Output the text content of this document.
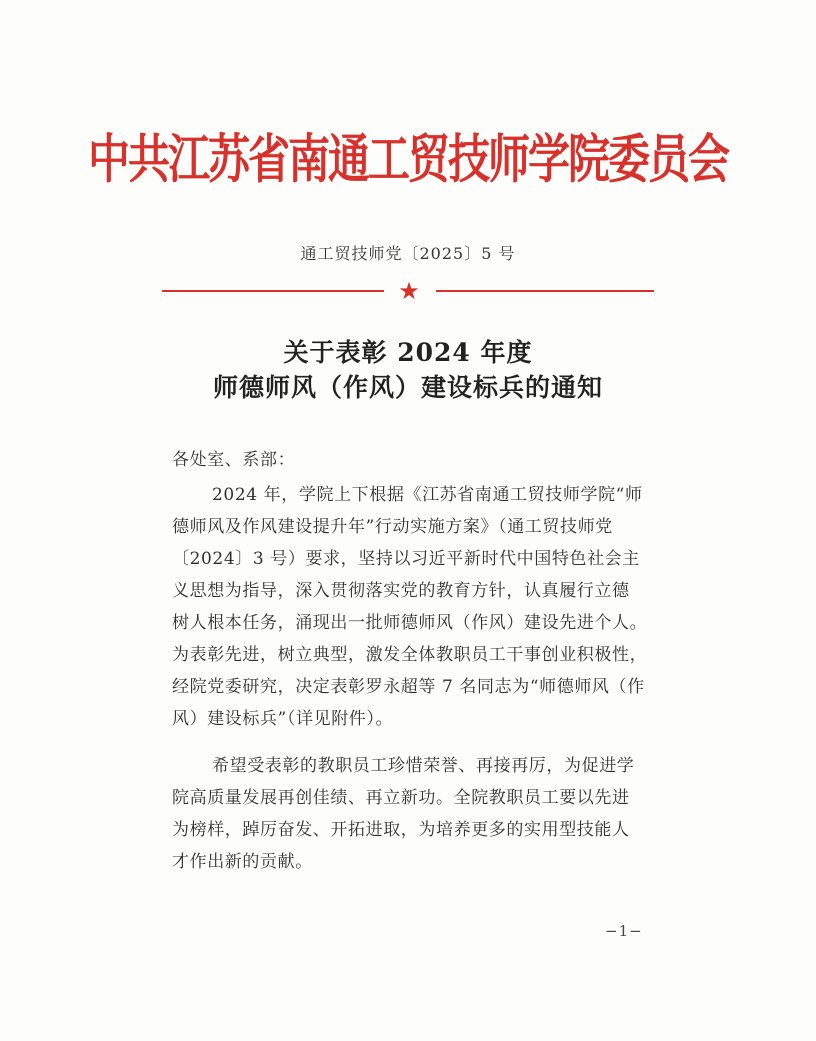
中共江苏省南通工贸技师学院委员会
通工贸技师党〔2025〕5 号
★
关于表彰 2024 年度
师德师风（作风）建设标兵的通知
各处室、系部：
2024 年，学院上下根据《江苏省南通工贸技师学院“师
德师风及作风建设提升年”行动实施方案》（通工贸技师党
〔2024〕3 号）要求，坚持以习近平新时代中国特色社会主
义思想为指导，深入贯彻落实党的教育方针，认真履行立德
树人根本任务，涌现出一批师德师风（作风）建设先进个人。
为表彰先进，树立典型，激发全体教职员工干事创业积极性，
经院党委研究，决定表彰罗永超等 7 名同志为“师德师风（作
风）建设标兵”（详见附件）。
希望受表彰的教职员工珍惜荣誉、再接再厉，为促进学
院高质量发展再创佳绩、再立新功。全院教职员工要以先进
为榜样，踔厉奋发、开拓进取，为培养更多的实用型技能人
才作出新的贡献。
−1−
